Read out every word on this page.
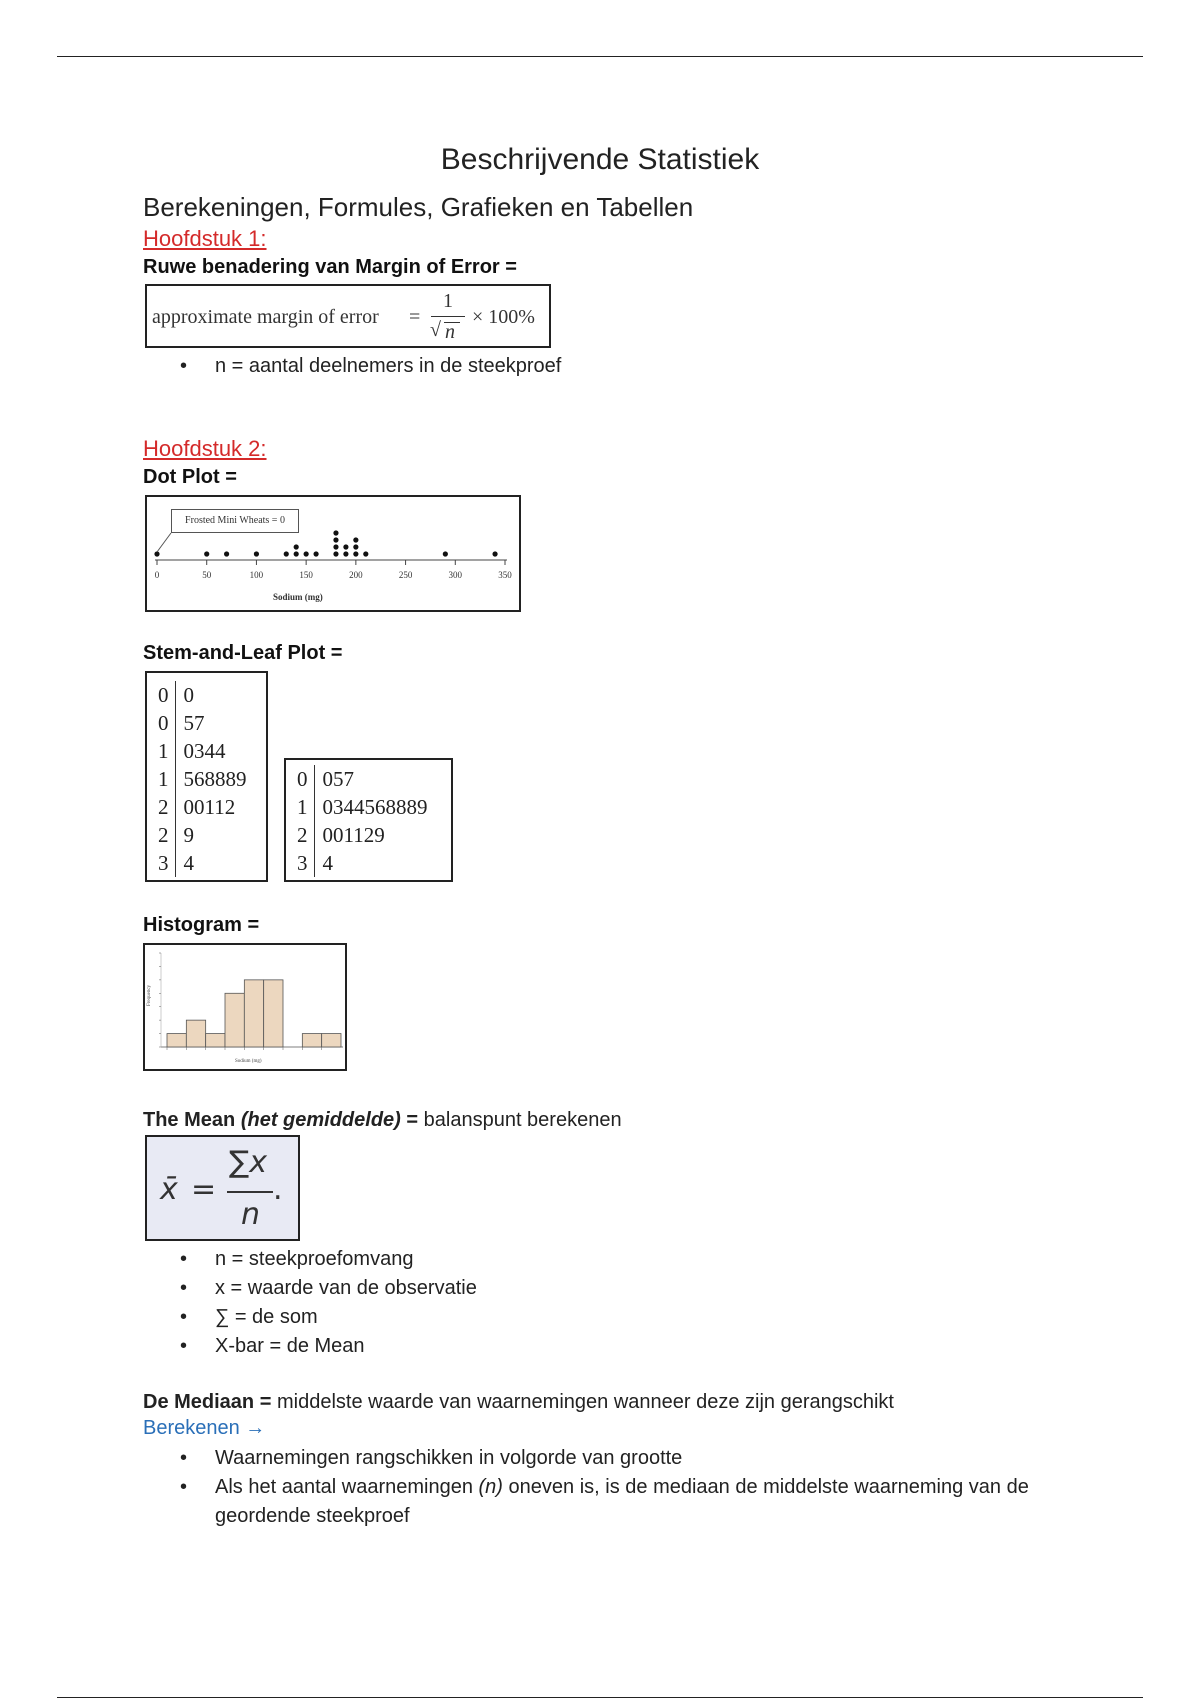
Beschrijvende Statistiek
Berekeningen, Formules, Grafieken en Tabellen
Hoofdstuk 1:
Ruwe benadering van Margin of Error =
approximate margin of error =
1
√ n
× 100%
• n = aantal deelnemers in de steekproef
Hoofdstuk 2:
Dot Plot =
0	50	100	150	200	250	300	350
Frosted Mini Wheats = 0
Sodium (mg)
Stem-and-Leaf Plot =
0	0
0	57
1	0344
1	568889
2	00112
2	9
3	4
0	057
1	0344568889
2	001129
3	4
Histogram =
Frequency
Sodium (mg)
The Mean (het gemiddelde) = balanspunt berekenen
x̄ =
∑x
n
.
• n = steekproefomvang
• x = waarde van de observatie
• ∑ = de som
• X-bar = de Mean
De Mediaan = middelste waarde van waarnemingen wanneer deze zijn gerangschikt
Berekenen →
• Waarnemingen rangschikken in volgorde van grootte
• Als het aantal waarnemingen (n) oneven is, is de mediaan de middelste waarneming van de geordende steekproef
